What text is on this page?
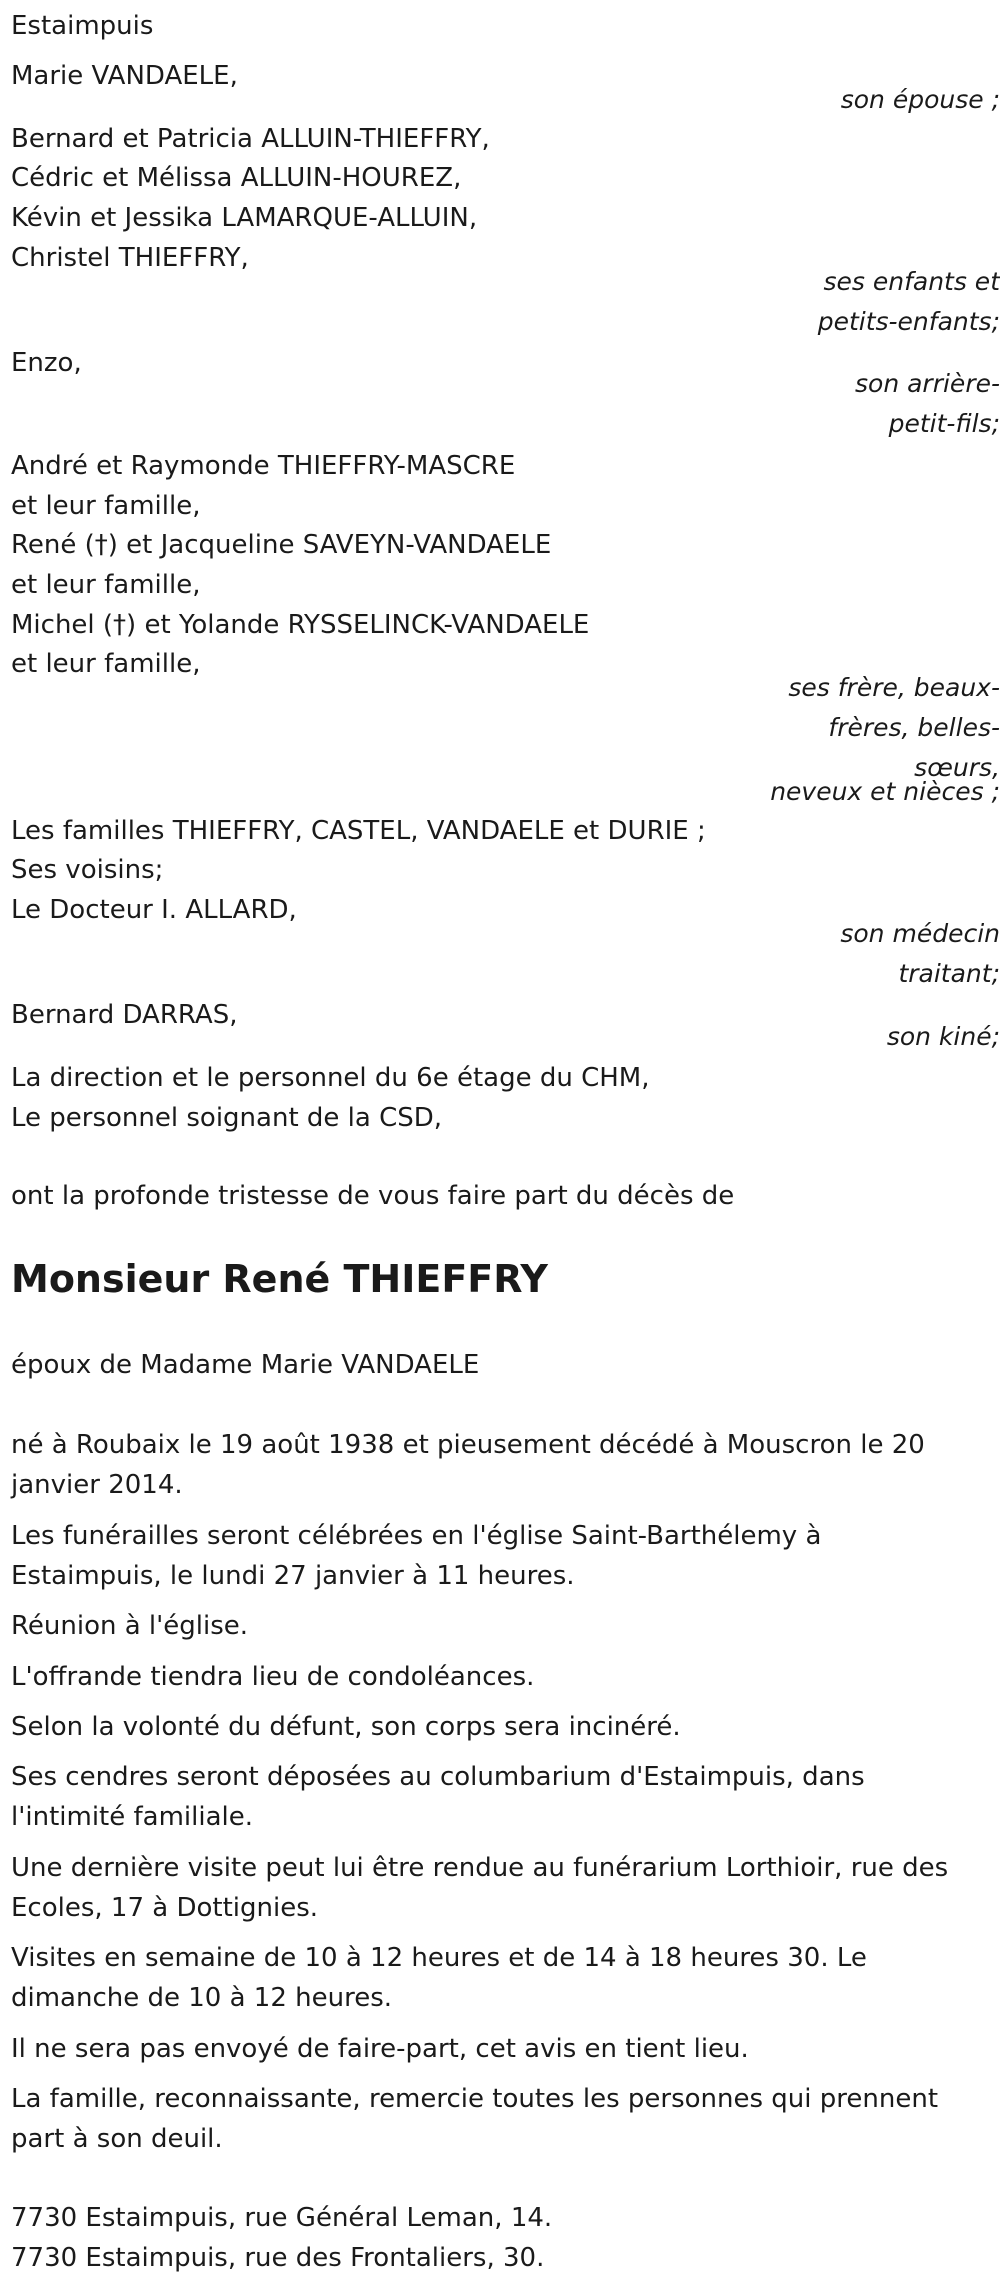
Estaimpuis
Marie VANDAELE,
son épouse ;
Bernard et Patricia ALLUIN-THIEFFRY,
Cédric et Mélissa ALLUIN-HOUREZ,
Kévin et Jessika LAMARQUE-ALLUIN,
Christel THIEFFRY,
ses enfants et
petits-enfants;
Enzo,
son arrière-
petit-fils;
André et Raymonde THIEFFRY-MASCRE
et leur famille,
René (†) et Jacqueline SAVEYN-VANDAELE
et leur famille,
Michel (†) et Yolande RYSSELINCK-VANDAELE
et leur famille,
ses frère, beaux-
frères, belles-
sœurs,
neveux et nièces ;
Les familles THIEFFRY, CASTEL, VANDAELE et DURIE ;
Ses voisins;
Le Docteur I. ALLARD,
son médecin
traitant;
Bernard DARRAS,
son kiné;
La direction et le personnel du 6e étage du CHM,
Le personnel soignant de la CSD,
ont la profonde tristesse de vous faire part du décès de
Monsieur René THIEFFRY
époux de Madame Marie VANDAELE
né à Roubaix le 19 août 1938 et pieusement décédé à Mouscron le 20
janvier 2014.
Les funérailles seront célébrées en l'église Saint-Barthélemy à
Estaimpuis, le lundi 27 janvier à 11 heures.
Réunion à l'église.
L'offrande tiendra lieu de condoléances.
Selon la volonté du défunt, son corps sera incinéré.
Ses cendres seront déposées au columbarium d'Estaimpuis, dans
l'intimité familiale.
Une dernière visite peut lui être rendue au funérarium Lorthioir, rue des
Ecoles, 17 à Dottignies.
Visites en semaine de 10 à 12 heures et de 14 à 18 heures 30. Le
dimanche de 10 à 12 heures.
Il ne sera pas envoyé de faire-part, cet avis en tient lieu.
La famille, reconnaissante, remercie toutes les personnes qui prennent
part à son deuil.
7730 Estaimpuis, rue Général Leman, 14.
7730 Estaimpuis, rue des Frontaliers, 30.
